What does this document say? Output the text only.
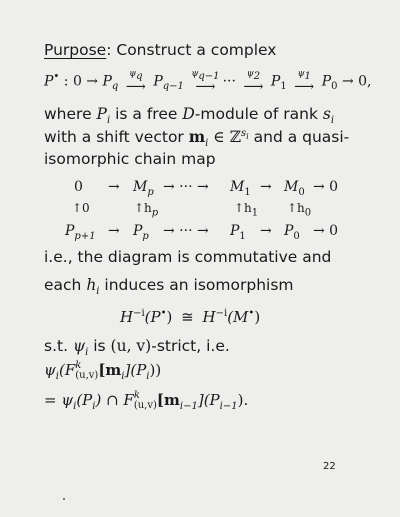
Purpose: Construct a complex
P• : $0 \to P_q$
$\psi_q$
⟶ $P_{q-1}$
$\psi_{q-1}$
⟶ ··· $\psi_2$
⟶ $P_1$
$\psi_1$
⟶ $P_0 \to 0$,
where $P_i$ is a free D-module of rank $s_i$
with a shift vector $m_i$ ∈ ℤ$^{s_i}$ and a quasi-
isomorphic chain map
$0 \to M_p$ → ··· → $M_1 \to M_0 \to 0$
↑0	$↑h_p$	$↑h_1$ $↑h_0$
$P_{p+1} \to P_p$ → ··· → $P_1 \to P_0 \to 0$
i.e., the diagram is commutative and
each $h_i$ induces an isomorphism
$H^{-i}(P^•)$ ≅ $H^{-i}(M^•)$
s.t. $\psi_i$ is (u, v)-strict, i.e.
$\psi_i(F$ k
(u,v) $[m_i](P_i)$)
= $\psi_i(P_i)$ ∩ F k
(u,v) $[m_{i-1}](P_{i-1})$.
22
